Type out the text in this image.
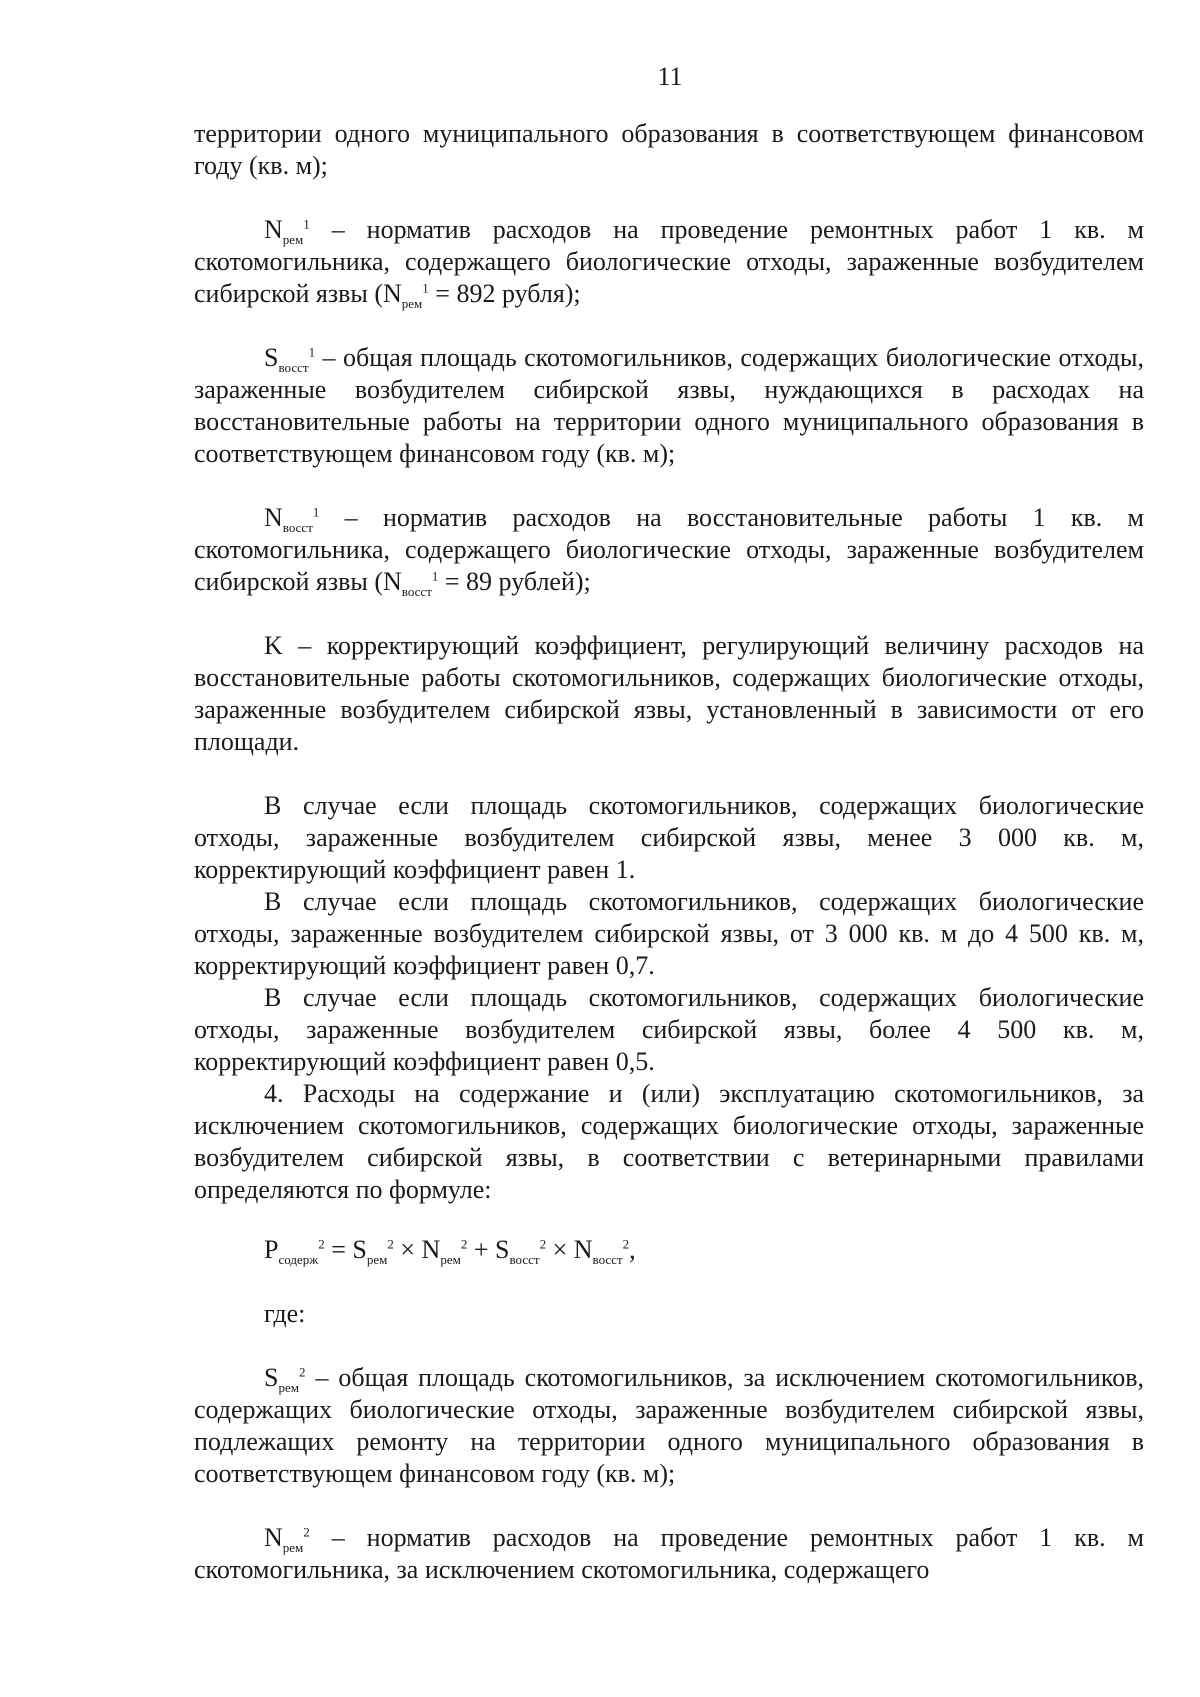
11

территории одного муниципального образования в соответствующем финансовом году (кв. м);

$N_{рем}^1$ – норматив расходов на проведение ремонтных работ 1 кв. м скотомогильника, содержащего биологические отходы, зараженные возбудителем сибирской язвы ($N_{рем}^1 = 892$ рубля);

$S_{восст}^1$ – общая площадь скотомогильников, содержащих биологические отходы, зараженные возбудителем сибирской язвы, нуждающихся в расходах на восстановительные работы на территории одного муниципального образования в соответствующем финансовом году (кв. м);

$N_{восст}^1$ – норматив расходов на восстановительные работы 1 кв. м скотомогильника, содержащего биологические отходы, зараженные возбудителем сибирской язвы ($N_{восст}^1 = 89$ рублей);

K – корректирующий коэффициент, регулирующий величину расходов на восстановительные работы скотомогильников, содержащих биологические отходы, зараженные возбудителем сибирской язвы, установленный в зависимости от его площади.

В случае если площадь скотомогильников, содержащих биологические отходы, зараженные возбудителем сибирской язвы, менее 3 000 кв. м, корректирующий коэффициент равен 1.

В случае если площадь скотомогильников, содержащих биологические отходы, зараженные возбудителем сибирской язвы, от 3 000 кв. м до 4 500 кв. м, корректирующий коэффициент равен 0,7.

В случае если площадь скотомогильников, содержащих биологические отходы, зараженные возбудителем сибирской язвы, более 4 500 кв. м, корректирующий коэффициент равен 0,5.

4. Расходы на содержание и (или) эксплуатацию скотомогильников, за исключением скотомогильников, содержащих биологические отходы, зараженные возбудителем сибирской язвы, в соответствии с ветеринарными правилами определяются по формуле:

$P_{содерж}^2 = S_{рем}^2 \times N_{рем}^2 + S_{восст}^2 \times N_{восст}^2$,
где:

$S_{рем}^2$ – общая площадь скотомогильников, за исключением скотомогильников, содержащих биологические отходы, зараженные возбудителем сибирской язвы, подлежащих ремонту на территории одного муниципального образования в соответствующем финансовом году (кв. м);

$N_{рем}^2$ – норматив расходов на проведение ремонтных работ 1 кв. м скотомогильника, за исключением скотомогильника, содержащего
